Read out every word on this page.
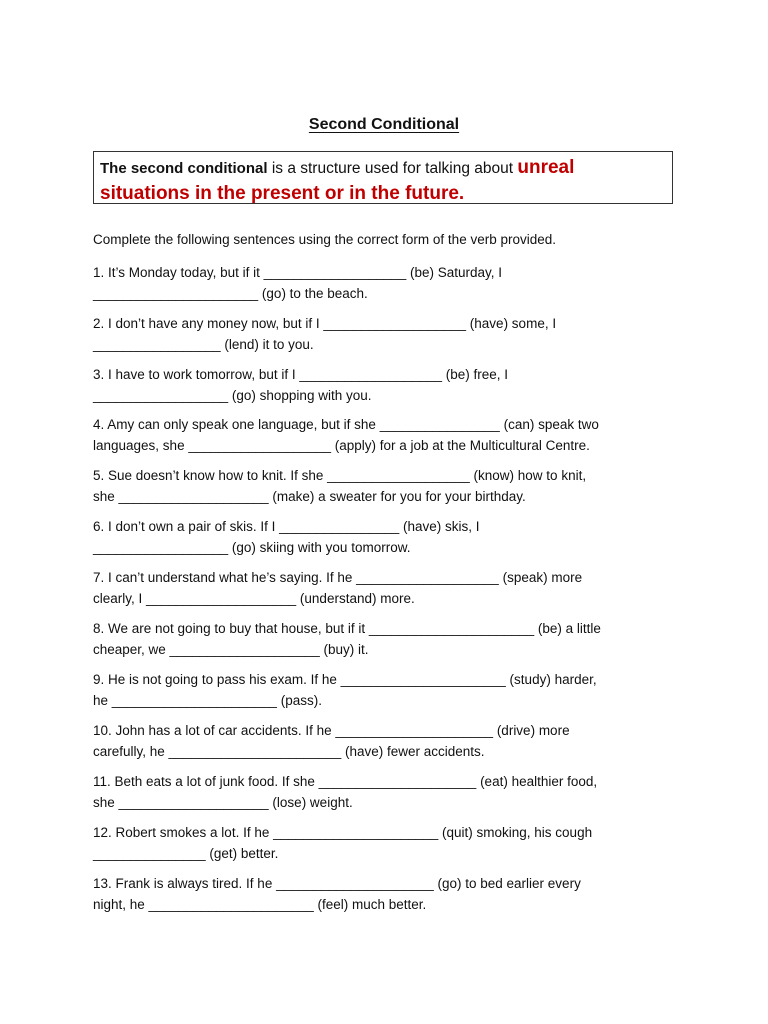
Second Conditional
The second conditional is a structure used for talking about unreal
situations in the present or in the future.
Complete the following sentences using the correct form of the verb provided.

1. It’s Monday today, but if it ___________________ (be) Saturday, I

______________________ (go) to the beach.

2. I don’t have any money now, but if I ___________________ (have) some, I

_________________ (lend) it to you.

3. I have to work tomorrow, but if I ___________________ (be) free, I

__________________ (go) shopping with you.

4. Amy can only speak one language, but if she ________________ (can) speak two

languages, she ___________________ (apply) for a job at the Multicultural Centre.

5. Sue doesn’t know how to knit. If she ___________________ (know) how to knit,

she ____________________ (make) a sweater for you for your birthday.

6. I don’t own a pair of skis. If I ________________ (have) skis, I

__________________ (go) skiing with you tomorrow.

7. I can’t understand what he’s saying. If he ___________________ (speak) more

clearly, I ____________________ (understand) more.

8. We are not going to buy that house, but if it ______________________ (be) a little

cheaper, we ____________________ (buy) it.

9. He is not going to pass his exam. If he ______________________ (study) harder,

he ______________________ (pass).

10. John has a lot of car accidents. If he _____________________ (drive) more

carefully, he _______________________ (have) fewer accidents.

11. Beth eats a lot of junk food. If she _____________________ (eat) healthier food,

she ____________________ (lose) weight.

12. Robert smokes a lot. If he ______________________ (quit) smoking, his cough

_______________ (get) better.

13. Frank is always tired. If he _____________________ (go) to bed earlier every

night, he ______________________ (feel) much better.
